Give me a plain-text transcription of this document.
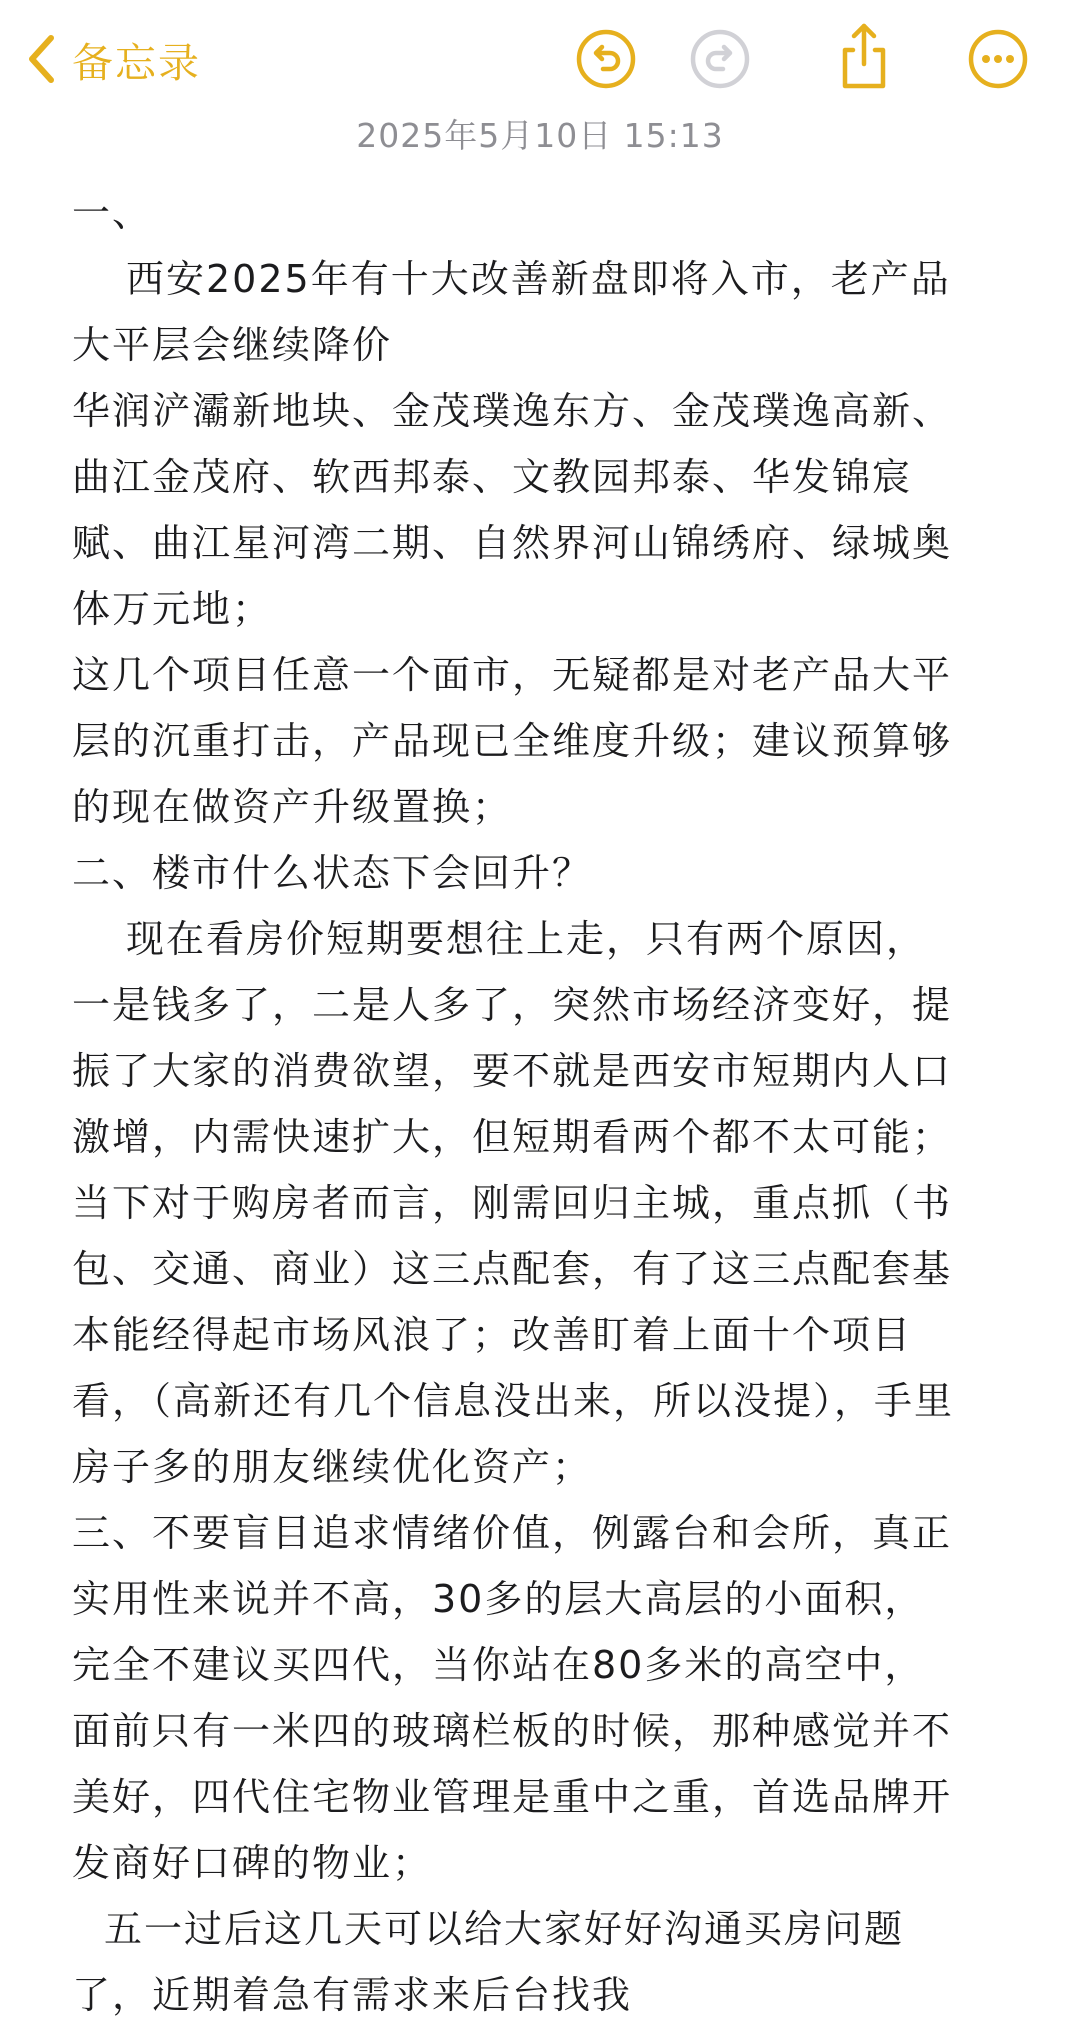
备忘录
2025年5月10日 15:13
一、
西安2025年有十大改善新盘即将入市，老产品
大平层会继续降价
华润浐灞新地块、金茂璞逸东方、金茂璞逸高新、
曲江金茂府、软西邦泰、文教园邦泰、华发锦宸
赋、曲江星河湾二期、自然界河山锦绣府、绿城奥
体万元地；
这几个项目任意一个面市，无疑都是对老产品大平
层的沉重打击，产品现已全维度升级；建议预算够
的现在做资产升级置换；
二、楼市什么状态下会回升？
现在看房价短期要想往上走，只有两个原因，
一是钱多了，二是人多了，突然市场经济变好，提
振了大家的消费欲望，要不就是西安市短期内人口
激增，内需快速扩大，但短期看两个都不太可能；
当下对于购房者而言，刚需回归主城，重点抓（书
包、交通、商业）这三点配套，有了这三点配套基
本能经得起市场风浪了；改善盯着上面十个项目
看，（高新还有几个信息没出来，所以没提），手里
房子多的朋友继续优化资产；
三、不要盲目追求情绪价值，例露台和会所，真正
实用性来说并不高，30多的层大高层的小面积，
完全不建议买四代，当你站在80多米的高空中，
面前只有一米四的玻璃栏板的时候，那种感觉并不
美好，四代住宅物业管理是重中之重，首选品牌开
发商好口碑的物业；
五一过后这几天可以给大家好好沟通买房问题
了，近期着急有需求来后台找我
